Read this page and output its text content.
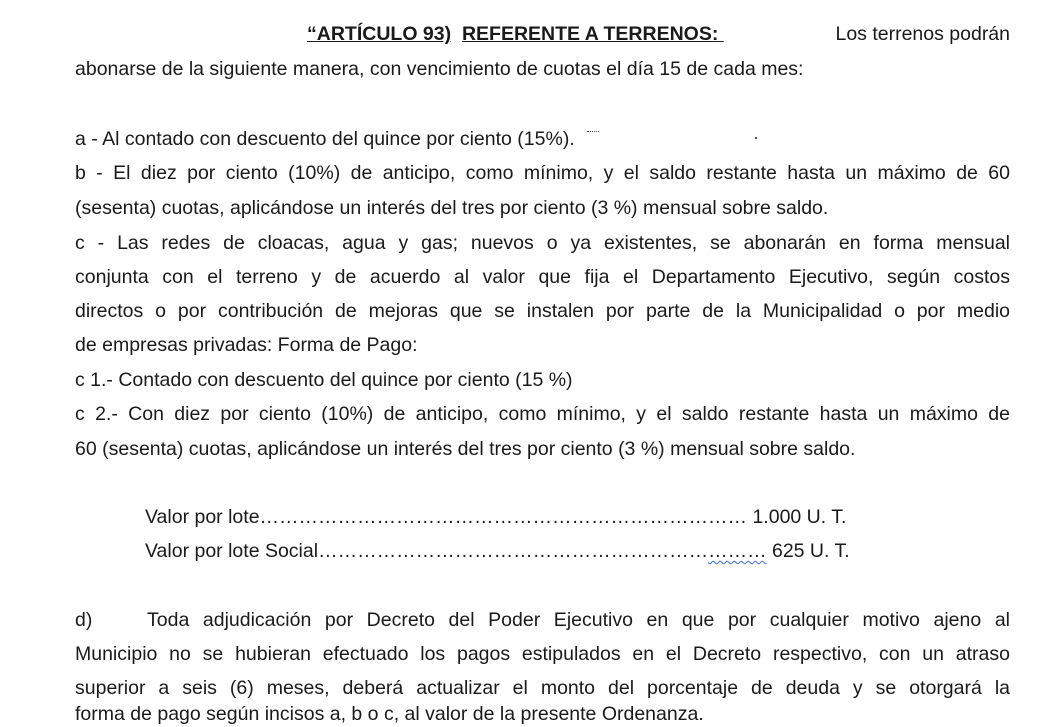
“ARTÍCULO 93) REFERENTE A TERRENOS:	Los terrenos podrán
abonarse de la siguiente manera, con vencimiento de cuotas el día 15 de cada mes:
a - Al contado con descuento del quince por ciento (15%).
b - El diez por ciento (10%) de anticipo, como mínimo, y el saldo restante hasta un máximo de 60
(sesenta) cuotas, aplicándose un interés del tres por ciento (3 %) mensual sobre saldo.
c - Las redes de cloacas, agua y gas; nuevos o ya existentes, se abonarán en forma mensual
conjunta con el terreno y de acuerdo al valor que fija el Departamento Ejecutivo, según costos
directos o por contribución de mejoras que se instalen por parte de la Municipalidad o por medio
de empresas privadas: Forma de Pago:
c 1.- Contado con descuento del quince por ciento (15 %)
c 2.- Con diez por ciento (10%) de anticipo, como mínimo, y el saldo restante hasta un máximo de
60 (sesenta) cuotas, aplicándose un interés del tres por ciento (3 %) mensual sobre saldo.
Valor por lote………………………………………………………………… 1.000 U. T.
Valor por lote Social…………………………………………………………… 625 U. T.
d)	Toda adjudicación por Decreto del Poder Ejecutivo en que por cualquier motivo ajeno al
Municipio no se hubieran efectuado los pagos estipulados en el Decreto respectivo, con un atraso
superior a seis (6) meses, deberá actualizar el monto del porcentaje de deuda y se otorgará la
forma de pago según incisos a, b o c, al valor de la presente Ordenanza.
